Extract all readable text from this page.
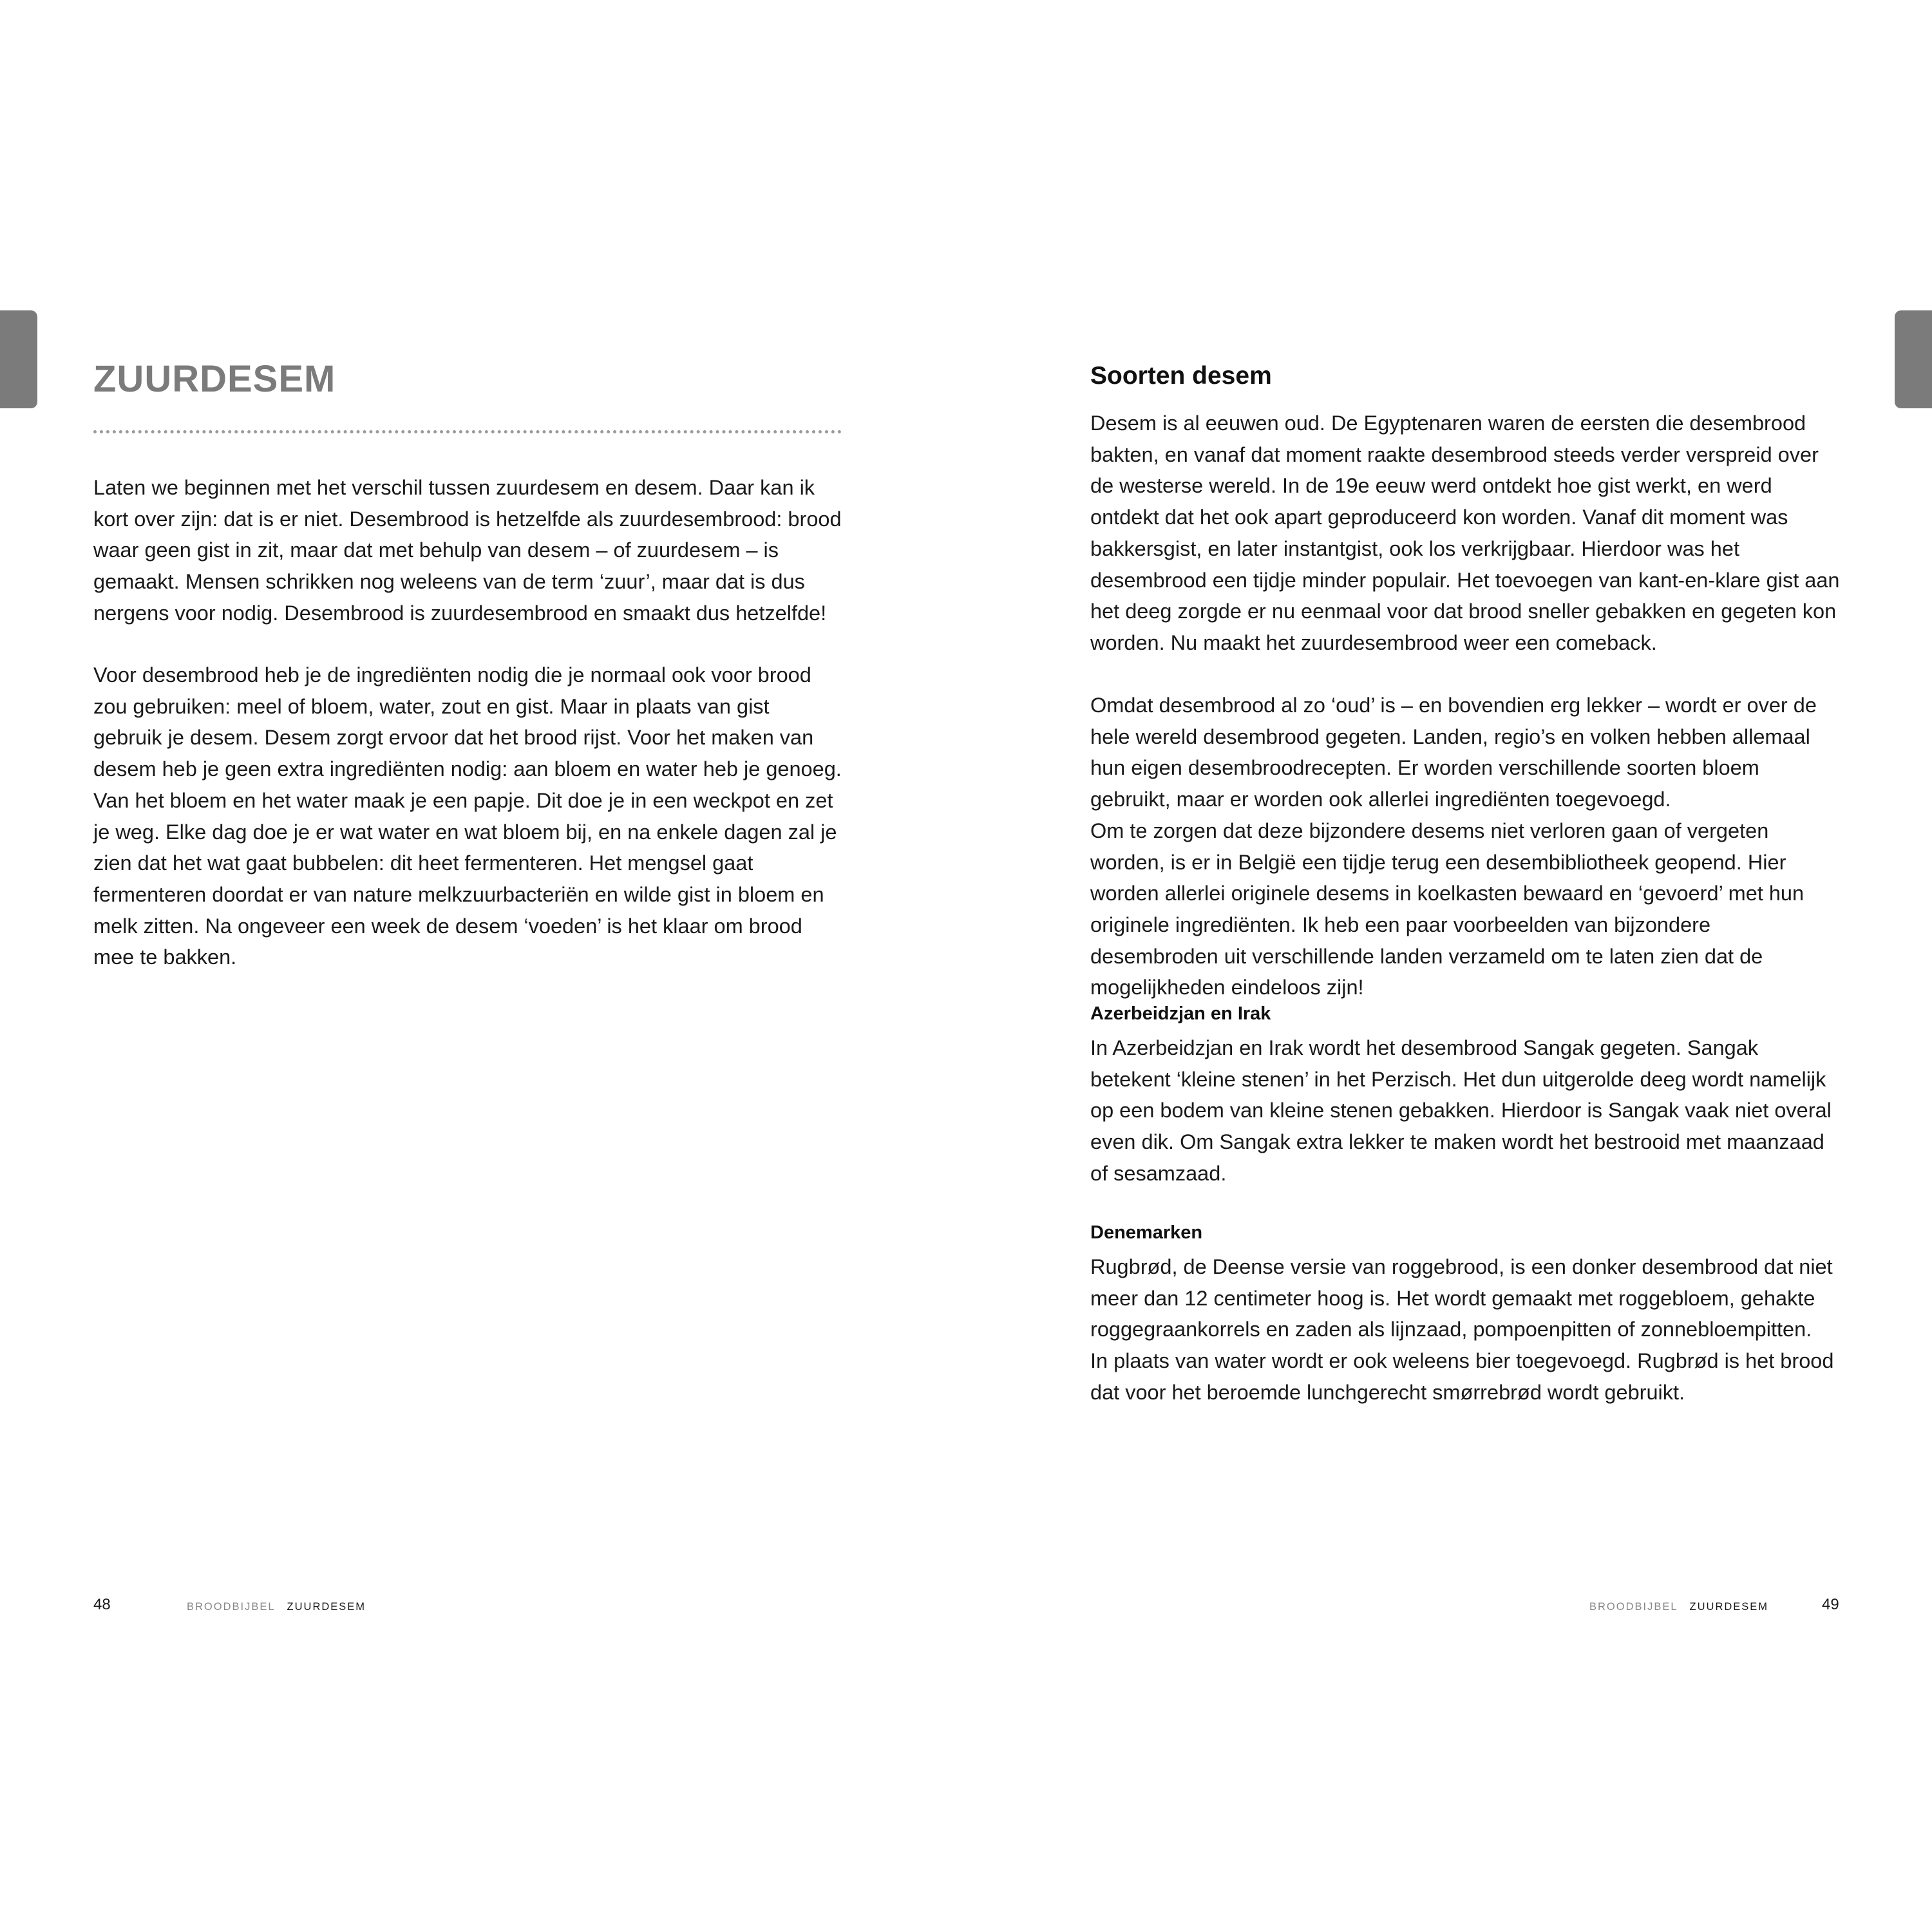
ZUURDESEM

Laten we beginnen met het verschil tussen zuurdesem en desem. Daar kan ik kort over zijn: dat is er niet. Desembrood is hetzelfde als zuurdesembrood: brood waar geen gist in zit, maar dat met behulp van desem – of zuurdesem – is gemaakt. Mensen schrikken nog weleens van de term ‘zuur’, maar dat is dus nergens voor nodig. Desembrood is zuurdesembrood en smaakt dus hetzelfde!

Voor desembrood heb je de ingrediënten nodig die je normaal ook voor brood zou gebruiken: meel of bloem, water, zout en gist. Maar in plaats van gist gebruik je desem. Desem zorgt ervoor dat het brood rijst. Voor het maken van desem heb je geen extra ingrediënten nodig: aan bloem en water heb je genoeg. Van het bloem en het water maak je een papje. Dit doe je in een weckpot en zet je weg. Elke dag doe je er wat water en wat bloem bij, en na enkele dagen zal je zien dat het wat gaat bubbelen: dit heet fermenteren. Het mengsel gaat fermenteren doordat er van nature melkzuurbacteriën en wilde gist in bloem en melk zitten. Na ongeveer een week de desem ‘voeden’ is het klaar om brood mee te bakken.

Soorten desem

Desem is al eeuwen oud. De Egyptenaren waren de eersten die desembrood bakten, en vanaf dat moment raakte desembrood steeds verder verspreid over de westerse wereld. In de 19e eeuw werd ontdekt hoe gist werkt, en werd ontdekt dat het ook apart geproduceerd kon worden. Vanaf dit moment was bakkersgist, en later instantgist, ook los verkrijgbaar. Hierdoor was het desembrood een tijdje minder populair. Het toevoegen van kant-en-klare gist aan het deeg zorgde er nu eenmaal voor dat brood sneller gebakken en gegeten kon worden. Nu maakt het zuurdesembrood weer een comeback.

Omdat desembrood al zo ‘oud’ is – en bovendien erg lekker – wordt er over de hele wereld desembrood gegeten. Landen, regio’s en volken hebben allemaal hun eigen desembroodrecepten. Er worden verschillende soorten bloem gebruikt, maar er worden ook allerlei ingrediënten toegevoegd.
Om te zorgen dat deze bijzondere desems niet verloren gaan of vergeten worden, is er in België een tijdje terug een desembibliotheek geopend. Hier worden allerlei originele desems in koelkasten bewaard en ‘gevoerd’ met hun originele ingrediënten. Ik heb een paar voorbeelden van bijzondere desembroden uit verschillende landen verzameld om te laten zien dat de mogelijkheden eindeloos zijn!

Azerbeidzjan en Irak

In Azerbeidzjan en Irak wordt het desembrood Sangak gegeten. Sangak betekent ‘kleine stenen’ in het Perzisch. Het dun uitgerolde deeg wordt namelijk op een bodem van kleine stenen gebakken. Hierdoor is Sangak vaak niet overal even dik. Om Sangak extra lekker te maken wordt het bestrooid met maanzaad of sesamzaad.

Denemarken

Rugbrød, de Deense versie van roggebrood, is een donker desembrood dat niet meer dan 12 centimeter hoog is. Het wordt gemaakt met roggebloem, gehakte roggegraankorrels en zaden als lijnzaad, pompoenpitten of zonnebloempitten.
In plaats van water wordt er ook weleens bier toegevoegd. Rugbrød is het brood dat voor het beroemde lunchgerecht smørrebrød wordt gebruikt.

48	BROODBIJBEL ZUURDESEM	BROODBIJBEL ZUURDESEM	49
